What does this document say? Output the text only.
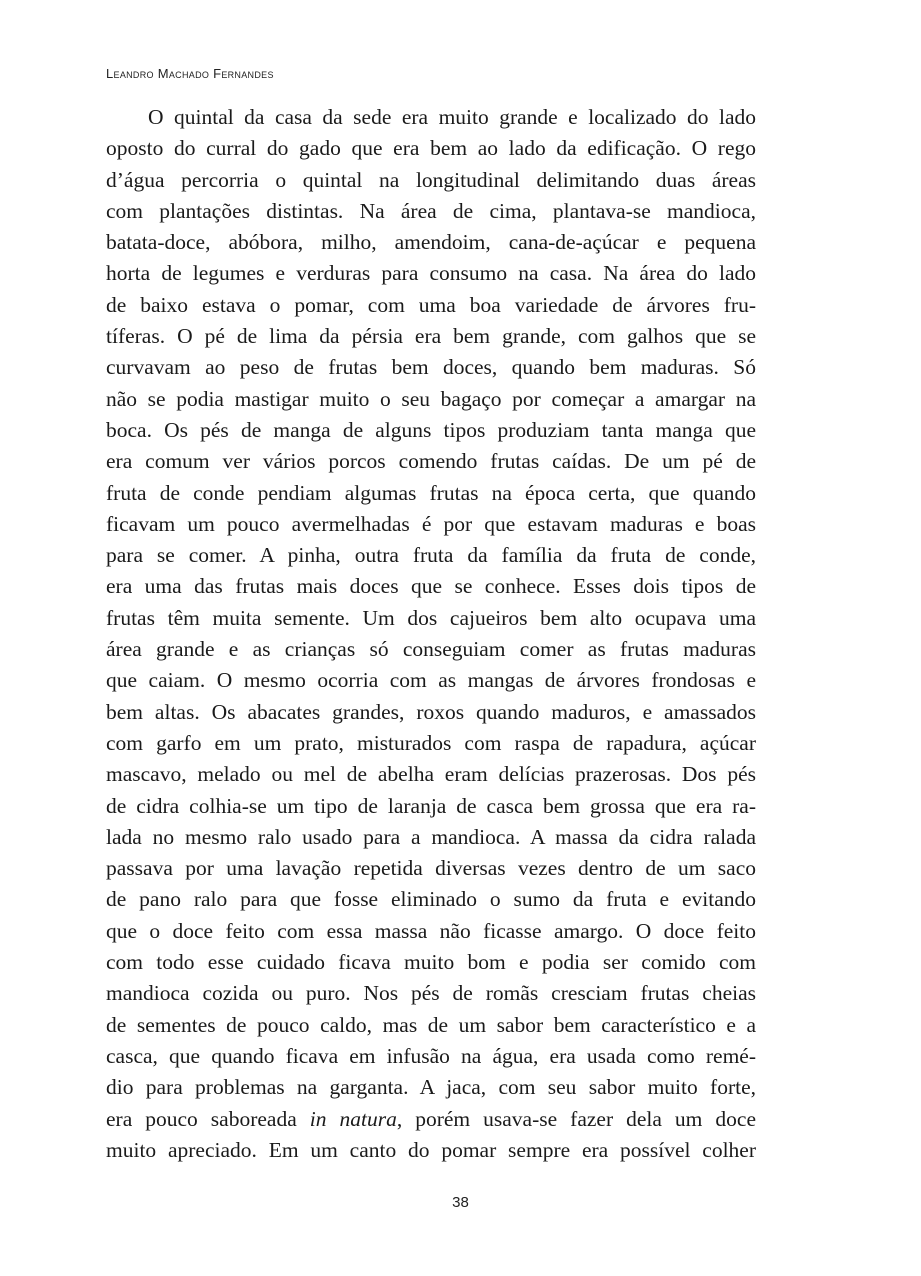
Leandro Machado Fernandes
O quintal da casa da sede era muito grande e localizado do lado
oposto do curral do gado que era bem ao lado da edificação. O rego
d’água percorria o quintal na longitudinal delimitando duas áreas
com plantações distintas. Na área de cima, plantava-se mandioca,
batata-doce, abóbora, milho, amendoim, cana-de-açúcar e pequena
horta de legumes e verduras para consumo na casa. Na área do lado
de baixo estava o pomar, com uma boa variedade de árvores fru-
tíferas. O pé de lima da pérsia era bem grande, com galhos que se
curvavam ao peso de frutas bem doces, quando bem maduras. Só
não se podia mastigar muito o seu bagaço por começar a amargar na
boca. Os pés de manga de alguns tipos produziam tanta manga que
era comum ver vários porcos comendo frutas caídas. De um pé de
fruta de conde pendiam algumas frutas na época certa, que quando
ficavam um pouco avermelhadas é por que estavam maduras e boas
para se comer. A pinha, outra fruta da família da fruta de conde,
era uma das frutas mais doces que se conhece. Esses dois tipos de
frutas têm muita semente. Um dos cajueiros bem alto ocupava uma
área grande e as crianças só conseguiam comer as frutas maduras
que caiam. O mesmo ocorria com as mangas de árvores frondosas e
bem altas. Os abacates grandes, roxos quando maduros, e amassados
com garfo em um prato, misturados com raspa de rapadura, açúcar
mascavo, melado ou mel de abelha eram delícias prazerosas. Dos pés
de cidra colhia-se um tipo de laranja de casca bem grossa que era ra-
lada no mesmo ralo usado para a mandioca. A massa da cidra ralada
passava por uma lavação repetida diversas vezes dentro de um saco
de pano ralo para que fosse eliminado o sumo da fruta e evitando
que o doce feito com essa massa não ficasse amargo. O doce feito
com todo esse cuidado ficava muito bom e podia ser comido com
mandioca cozida ou puro. Nos pés de romãs cresciam frutas cheias
de sementes de pouco caldo, mas de um sabor bem característico e a
casca, que quando ficava em infusão na água, era usada como remé-
dio para problemas na garganta. A jaca, com seu sabor muito forte,
era pouco saboreada in natura, porém usava-se fazer dela um doce
muito apreciado. Em um canto do pomar sempre era possível colher
38
